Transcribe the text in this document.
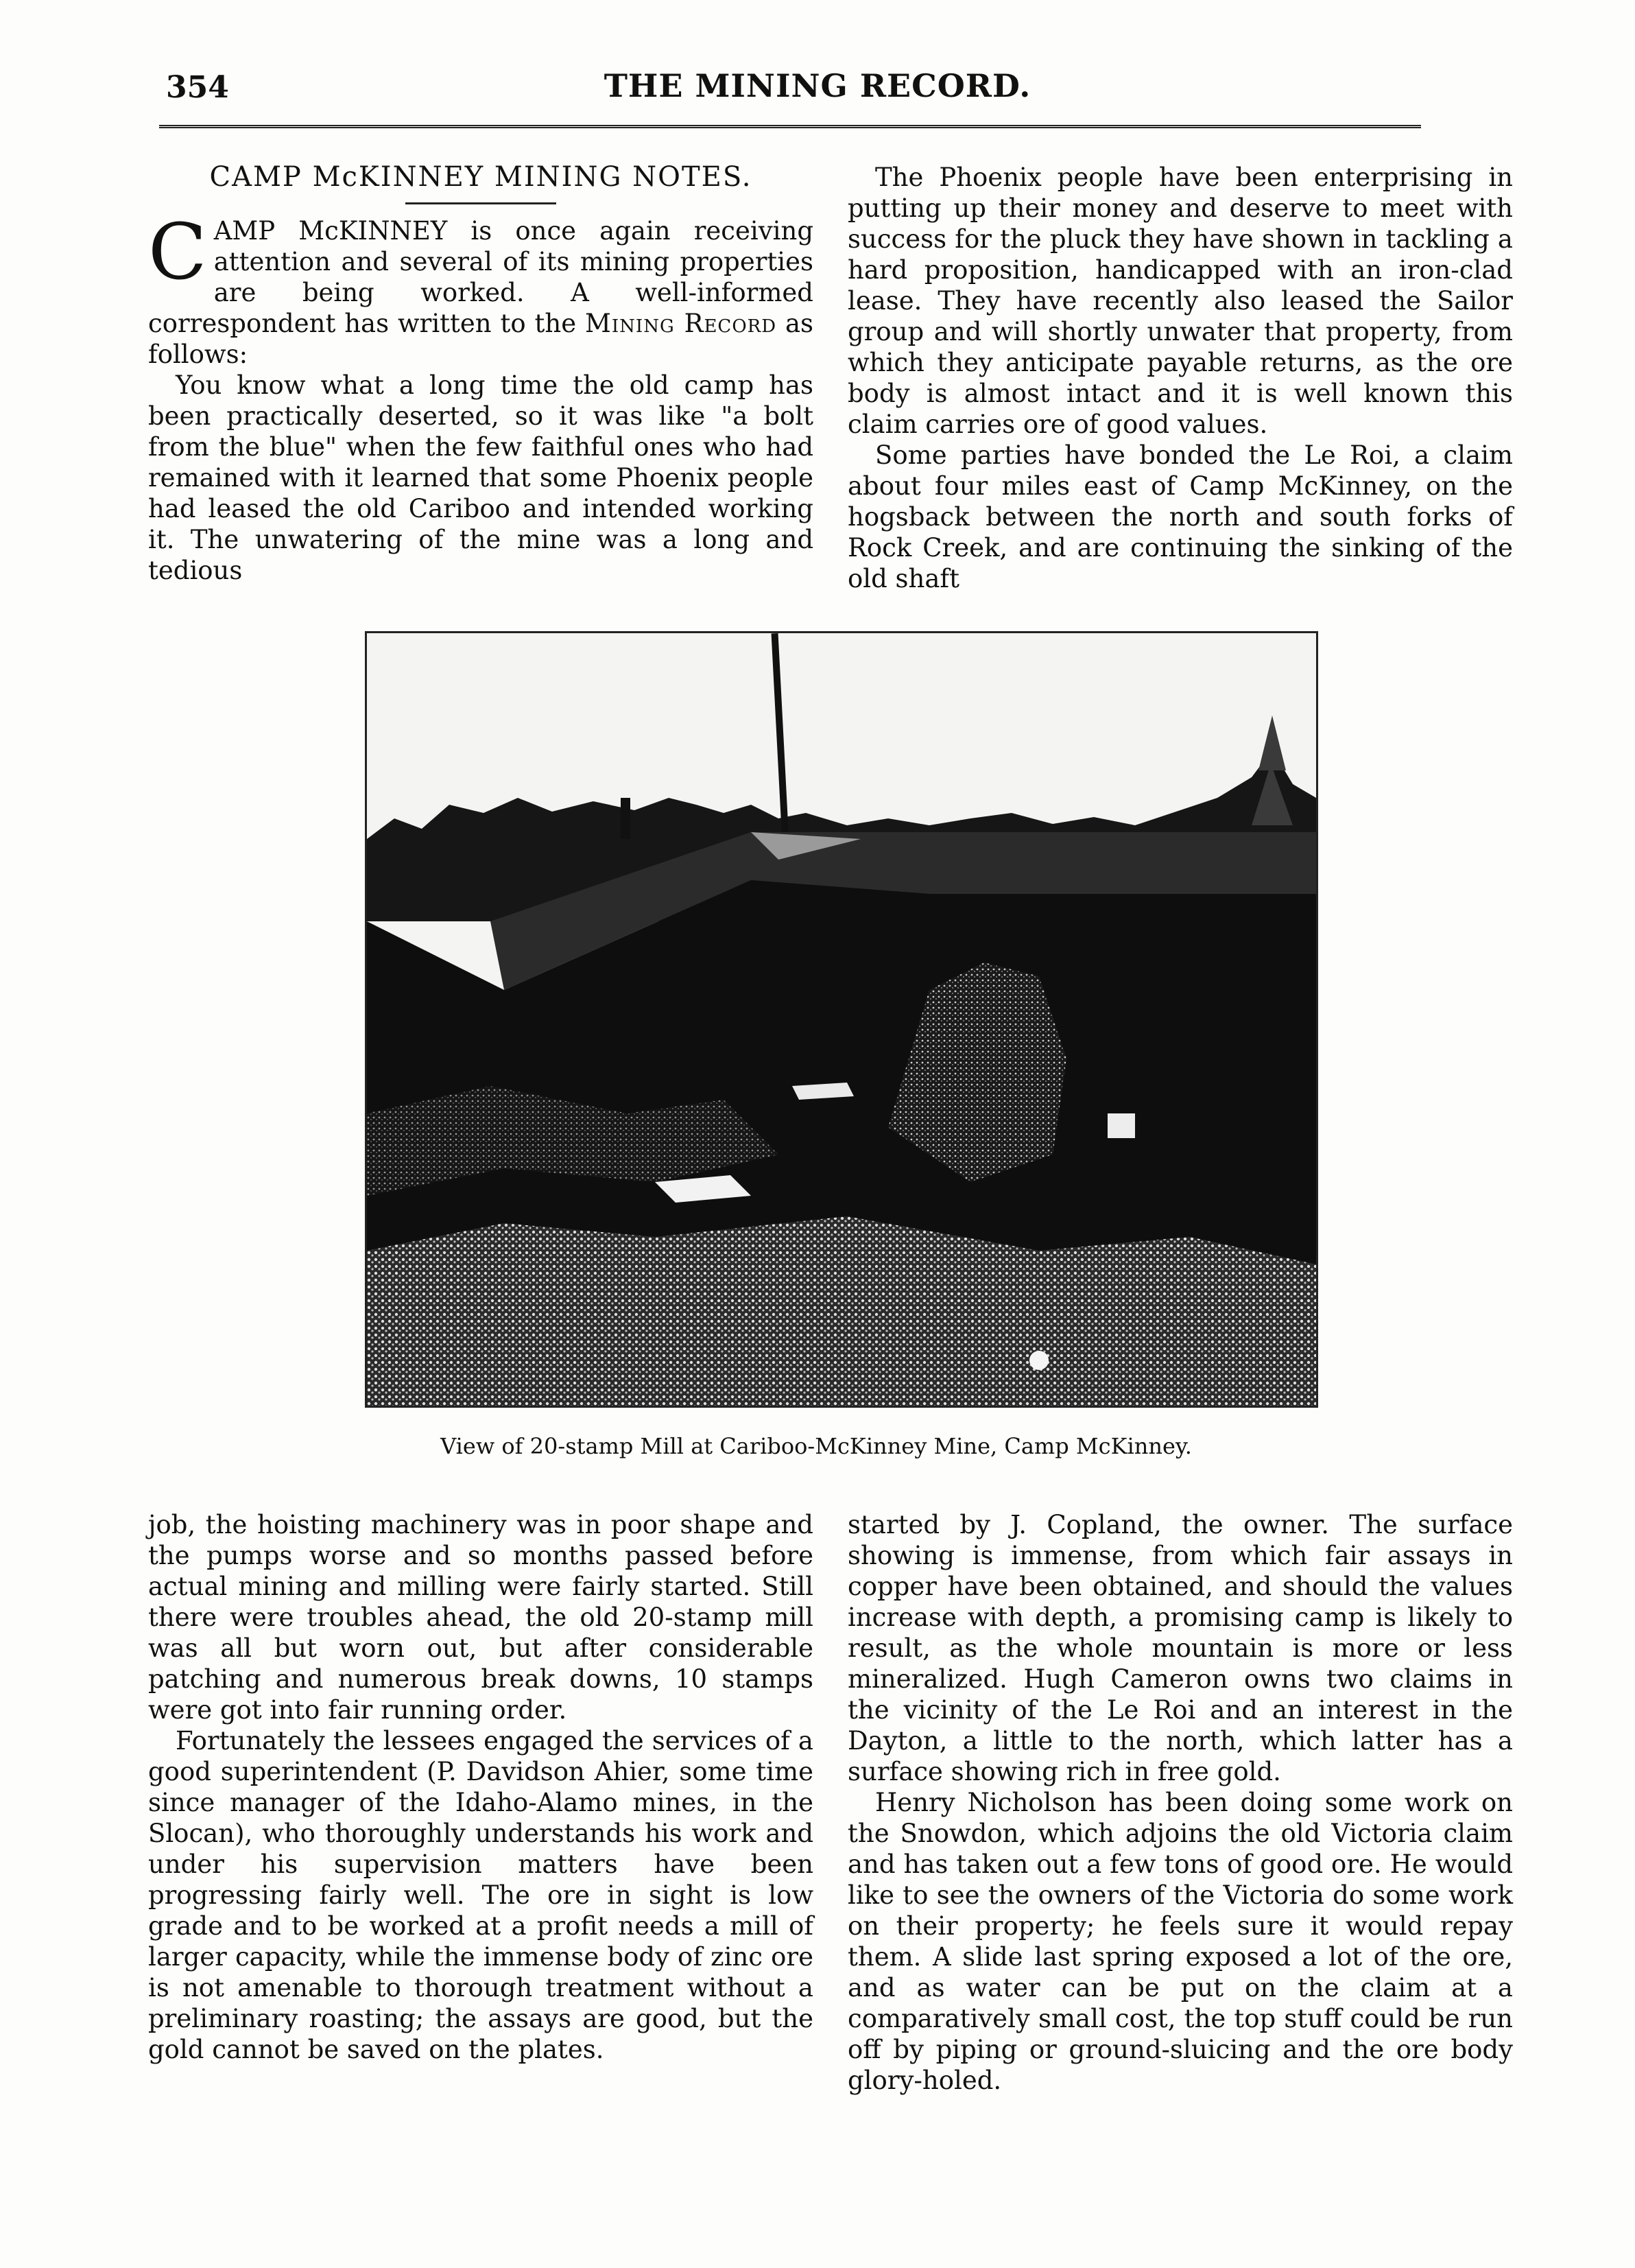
354	THE MINING RECORD.
CAMP McKINNEY MINING NOTES.

CAMP McKINNEY is once again receiving attention and several of its mining properties are being worked. A well-informed correspondent has written to the Mining Record as follows:

You know what a long time the old camp has been practically deserted, so it was like "a bolt from the blue" when the few faithful ones who had remained with it learned that some Phoenix people had leased the old Cariboo and intended working it. The unwatering of the mine was a long and tedious

The Phoenix people have been enterprising in putting up their money and deserve to meet with success for the pluck they have shown in tackling a hard proposition, handicapped with an iron-clad lease. They have recently also leased the Sailor group and will shortly unwater that property, from which they anticipate payable returns, as the ore body is almost intact and it is well known this claim carries ore of good values.

Some parties have bonded the Le Roi, a claim about four miles east of Camp McKinney, on the hogsback between the north and south forks of Rock Creek, and are continuing the sinking of the old shaft

View of 20-stamp Mill at Cariboo-McKinney Mine, Camp McKinney.

job, the hoisting machinery was in poor shape and the pumps worse and so months passed before actual mining and milling were fairly started. Still there were troubles ahead, the old 20-stamp mill was all but worn out, but after considerable patching and numerous break downs, 10 stamps were got into fair running order.

Fortunately the lessees engaged the services of a good superintendent (P. Davidson Ahier, some time since manager of the Idaho-Alamo mines, in the Slocan), who thoroughly understands his work and under his supervision matters have been progressing fairly well. The ore in sight is low grade and to be worked at a profit needs a mill of larger capacity, while the immense body of zinc ore is not amenable to thorough treatment without a preliminary roasting; the assays are good, but the gold cannot be saved on the plates.

started by J. Copland, the owner. The surface showing is immense, from which fair assays in copper have been obtained, and should the values increase with depth, a promising camp is likely to result, as the whole mountain is more or less mineralized. Hugh Cameron owns two claims in the vicinity of the Le Roi and an interest in the Dayton, a little to the north, which latter has a surface showing rich in free gold.

Henry Nicholson has been doing some work on the Snowdon, which adjoins the old Victoria claim and has taken out a few tons of good ore. He would like to see the owners of the Victoria do some work on their property; he feels sure it would repay them. A slide last spring exposed a lot of the ore, and as water can be put on the claim at a comparatively small cost, the top stuff could be run off by piping or ground-sluicing and the ore body glory-holed.
